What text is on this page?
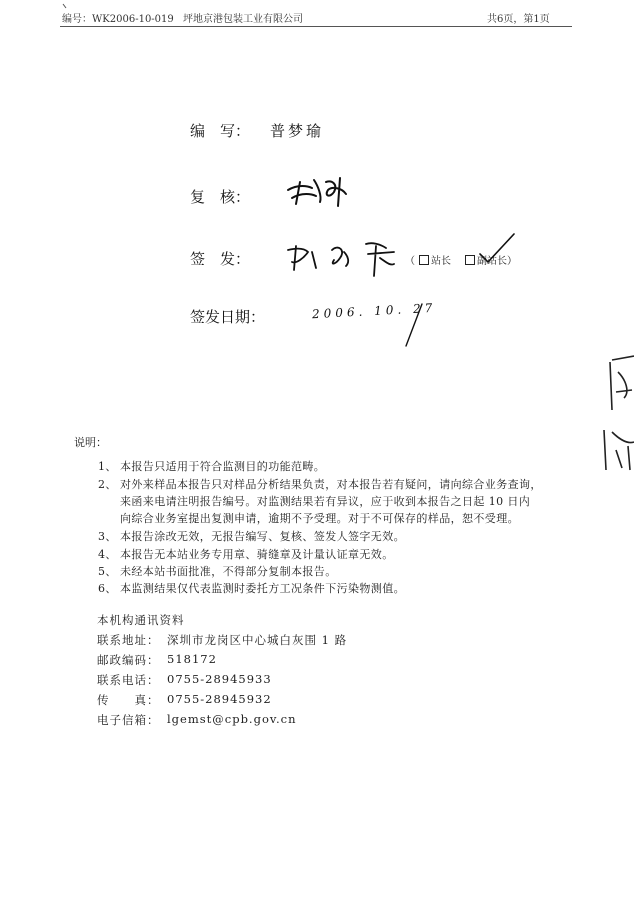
编号：WK2006-10-019 坪地京港包装工业有限公司	共6页，第1页
编　写： 普梦瑜
复　核：
签　发：	（ 站长 	副站长）
签发日期：	2006. 10. 27
说明：
1、 本报告只适用于符合监测目的功能范畴。
2、 对外来样品本报告只对样品分析结果负责，对本报告若有疑问，请向综合业务查询，
来函来电请注明报告编号。对监测结果若有异议，应于收到本报告之日起 10 日内
向综合业务室提出复测申请，逾期不予受理。对于不可保存的样品，恕不受理。
3、 本报告涂改无效，无报告编写、复核、签发人签字无效。
4、 本报告无本站业务专用章、骑缝章及计量认证章无效。
5、 未经本站书面批准，不得部分复制本报告。
6、 本监测结果仅代表监测时委托方工况条件下污染物测值。
本机构通讯资料
联系地址： 深圳市龙岗区中心城白灰围 1 路
邮政编码： 518172
联系电话： 0755-28945933
传　　真： 0755-28945932
电子信箱： lgemst@cpb.gov.cn
